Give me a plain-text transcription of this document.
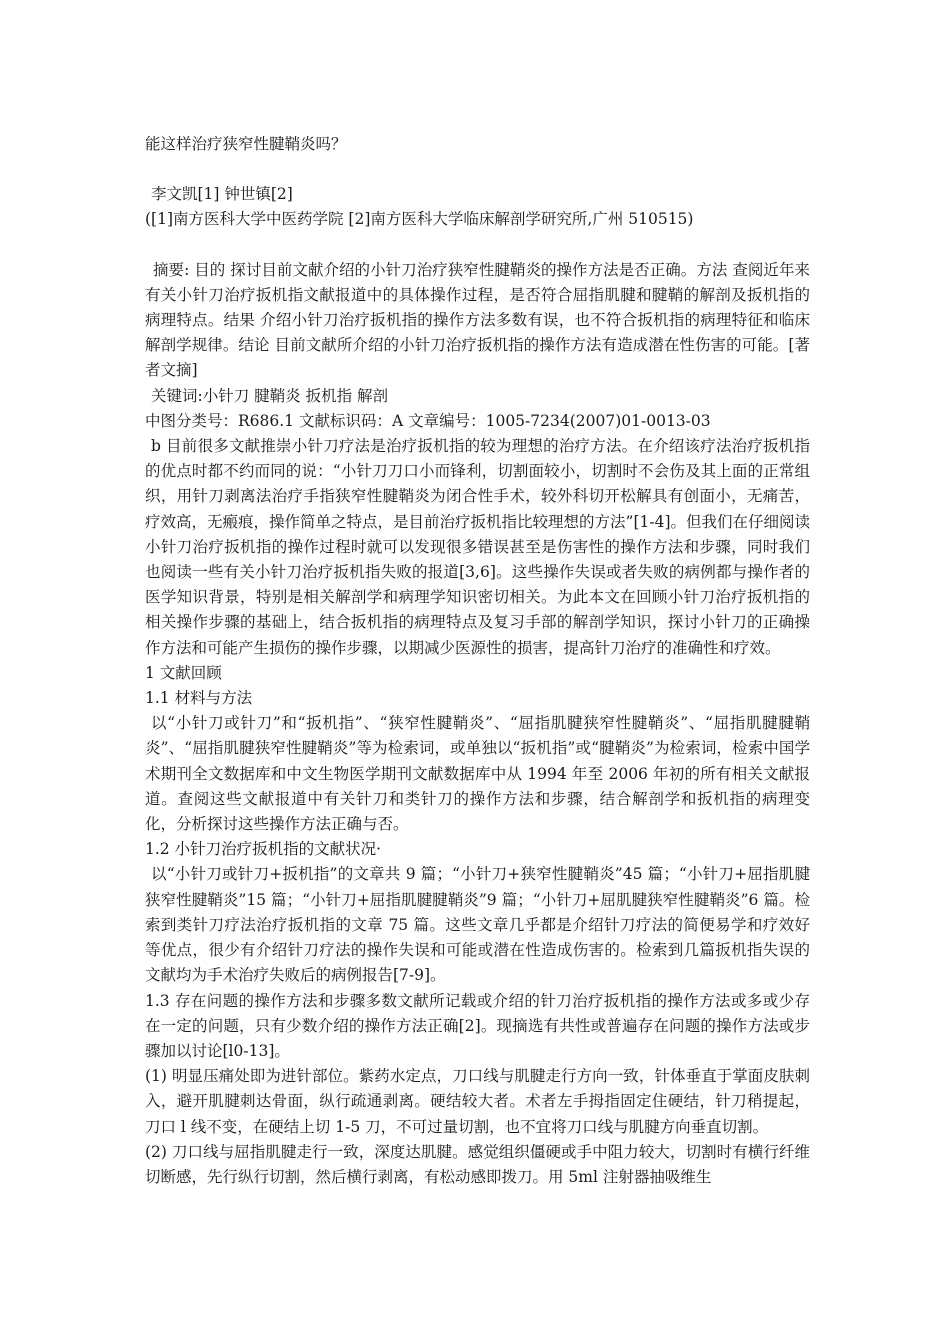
能这样治疗狭窄性腱鞘炎吗？

李文凯[1] 钟世镇[2]

([1]南方医科大学中医药学院 [2]南方医科大学临床解剖学研究所,广州 510515)

摘要: 目的 探讨目前文献介绍的小针刀治疗狭窄性腱鞘炎的操作方法是否正确。方法 查阅近年来有关小针刀治疗扳机指文献报道中的具体操作过程，是否符合屈指肌腱和腱鞘的解剖及扳机指的病理特点。结果 介绍小针刀治疗扳机指的操作方法多数有误，也不符合扳机指的病理特征和临床解剖学规律。结论 目前文献所介绍的小针刀治疗扳机指的操作方法有造成潜在性伤害的可能。[著者文摘]

关键词:小针刀 腱鞘炎 扳机指 解剖

中图分类号：R686.1 文献标识码：A 文章编号：1005-7234(2007)01-0013-03

b 目前很多文献推崇小针刀疗法是治疗扳机指的较为理想的治疗方法。在介绍该疗法治疗扳机指的优点时都不约而同的说：“小针刀刀口小而锋利，切割面较小，切割时不会伤及其上面的正常组织，用针刀剥离法治疗手指狭窄性腱鞘炎为闭合性手术，较外科切开松解具有创面小，无痛苦，疗效高，无瘢痕，操作简单之特点，是目前治疗扳机指比较理想的方法”[1-4]。但我们在仔细阅读小针刀治疗扳机指的操作过程时就可以发现很多错误甚至是伤害性的操作方法和步骤，同时我们也阅读一些有关小针刀治疗扳机指失败的报道[3,6]。这些操作失误或者失败的病例都与操作者的医学知识背景，特别是相关解剖学和病理学知识密切相关。为此本文在回顾小针刀治疗扳机指的相关操作步骤的基础上，结合扳机指的病理特点及复习手部的解剖学知识，探讨小针刀的正确操作方法和可能产生损伤的操作步骤，以期减少医源性的损害，提高针刀治疗的准确性和疗效。

1 文献回顾

1.1 材料与方法

以“小针刀或针刀”和“扳机指”、“狭窄性腱鞘炎”、“屈指肌腱狭窄性腱鞘炎”、“屈指肌腱腱鞘炎”、“屈指肌腱狭窄性腱鞘炎”等为检索词，或单独以“扳机指”或“腱鞘炎”为检索词，检索中国学术期刊全文数据库和中文生物医学期刊文献数据库中从 1994 年至 2006 年初的所有相关文献报道。查阅这些文献报道中有关针刀和类针刀的操作方法和步骤，结合解剖学和扳机指的病理变化，分析探讨这些操作方法正确与否。

1.2 小针刀治疗扳机指的文献状况·

以“小针刀或针刀+扳机指”的文章共 9 篇；“小针刀+狭窄性腱鞘炎”45 篇；“小针刀+屈指肌腱狭窄性腱鞘炎”15 篇；“小针刀+屈指肌腱腱鞘炎”9 篇；“小针刀+屈肌腱狭窄性腱鞘炎”6 篇。检索到类针刀疗法治疗扳机指的文章 75 篇。这些文章几乎都是介绍针刀疗法的简便易学和疗效好等优点，很少有介绍针刀疗法的操作失误和可能或潜在性造成伤害的。检索到几篇扳机指失误的文献均为手术治疗失败后的病例报告[7-9]。

1.3 存在问题的操作方法和步骤多数文献所记载或介绍的针刀治疗扳机指的操作方法或多或少存在一定的问题，只有少数介绍的操作方法正确[2]。现摘选有共性或普遍存在问题的操作方法或步骤加以讨论[l0-13]。

(1) 明显压痛处即为进针部位。紫药水定点，刀口线与肌腱走行方向一致，针体垂直于掌面皮肤刺入，避开肌腱刺达骨面，纵行疏通剥离。硬结较大者。术者左手拇指固定住硬结，针刀稍提起，刀口 l 线不变，在硬结上切 1-5 刀，不可过量切割，也不宜将刀口线与肌腱方向垂直切割。

(2) 刀口线与屈指肌腱走行一致，深度达肌腱。感觉组织僵硬或手中阻力较大，切割时有横行纤维切断感，先行纵行切割，然后横行剥离，有松动感即拨刀。用 5ml 注射器抽吸维生
